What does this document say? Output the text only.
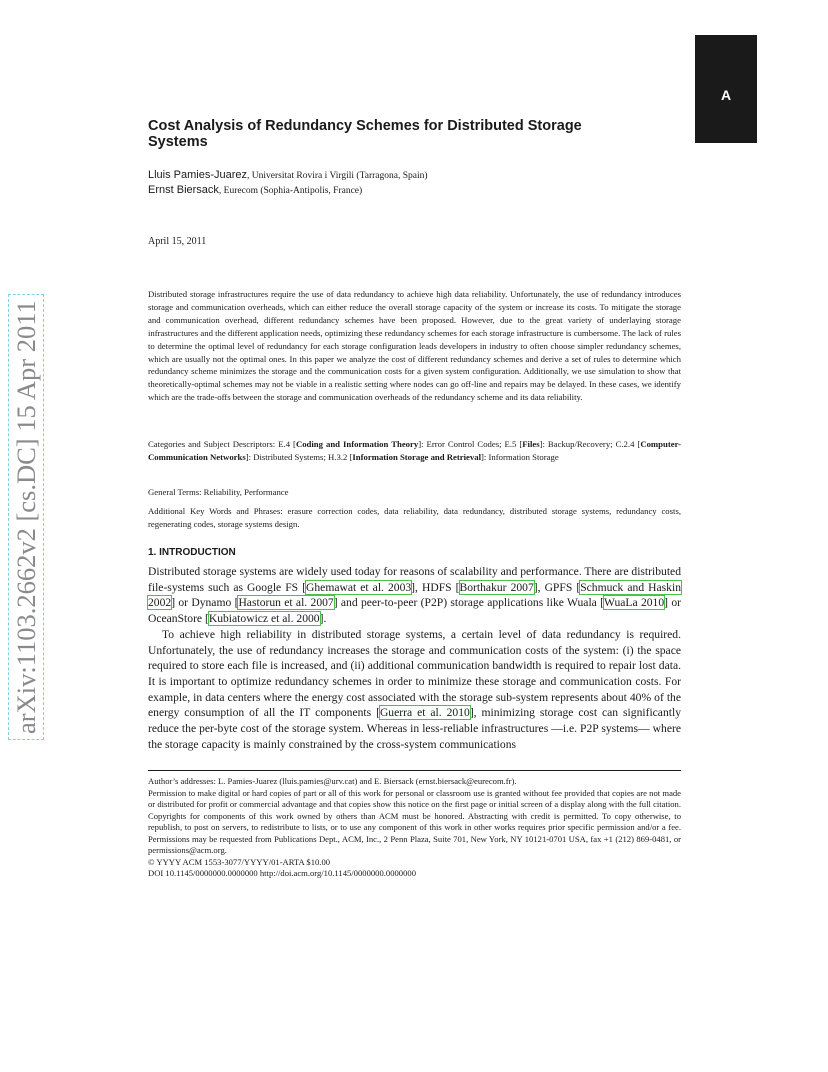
A
arXiv:1103.2662v2 [cs.DC] 15 Apr 2011
Cost Analysis of Redundancy Schemes for Distributed Storage
Systems
Lluis Pamies-Juarez, Universitat Rovira i Virgili (Tarragona, Spain)
Ernst Biersack, Eurecom (Sophia-Antipolis, France)
April 15, 2011
Distributed storage infrastructures require the use of data redundancy to achieve high data reliability. Unfortunately, the use of redundancy introduces storage and communication overheads, which can either reduce the overall storage capacity of the system or increase its costs. To mitigate the storage and communication overhead, different redundancy schemes have been proposed. However, due to the great variety of underlaying storage infrastructures and the different application needs, optimizing these redundancy schemes for each storage infrastructure is cumbersome. The lack of rules to determine the optimal level of redundancy for each storage configuration leads developers in industry to often choose simpler redundancy schemes, which are usually not the optimal ones. In this paper we analyze the cost of different redundancy schemes and derive a set of rules to determine which redundancy scheme minimizes the storage and the communication costs for a given system configuration. Additionally, we use simulation to show that theoretically-optimal schemes may not be viable in a realistic setting where nodes can go off-line and repairs may be delayed. In these cases, we identify which are the trade-offs between the storage and communication overheads of the redundancy scheme and its data reliability.
Categories and Subject Descriptors: E.4 [Coding and Information Theory]: Error Control Codes; E.5 [Files]: Backup/Recovery; C.2.4 [Computer-Communication Networks]: Distributed Systems; H.3.2 [Information Storage and Retrieval]: Information Storage
General Terms: Reliability, Performance
Additional Key Words and Phrases: erasure correction codes, data reliability, data redundancy, distributed storage systems, redundancy costs, regenerating codes, storage systems design.
1. INTRODUCTION

Distributed storage systems are widely used today for reasons of scalability and performance. There are distributed file-systems such as Google FS [Ghemawat et al. 2003], HDFS [Borthakur 2007], GPFS [Schmuck and Haskin 2002] or Dynamo [Hastorun et al. 2007] and peer-to-peer (P2P) storage applications like Wuala [WuaLa 2010] or OceanStore [Kubiatowicz et al. 2000].

To achieve high reliability in distributed storage systems, a certain level of data redundancy is required. Unfortunately, the use of redundancy increases the storage and communication costs of the system: (i) the space required to store each file is increased, and (ii) additional communication bandwidth is required to repair lost data. It is important to optimize redundancy schemes in order to minimize these storage and communication costs. For example, in data centers where the energy cost associated with the storage sub-system represents about 40% of the energy consumption of all the IT components [Guerra et al. 2010], minimizing storage cost can significantly reduce the per-byte cost of the storage system. Whereas in less-reliable infrastructures —i.e. P2P systems— where the storage capacity is mainly constrained by the cross-system communications

Author’s addresses: L. Pamies-Juarez (lluis.pamies@urv.cat) and E. Biersack (ernst.biersack@eurecom.fr).

Permission to make digital or hard copies of part or all of this work for personal or classroom use is granted without fee provided that copies are not made or distributed for profit or commercial advantage and that copies show this notice on the first page or initial screen of a display along with the full citation. Copyrights for components of this work owned by others than ACM must be honored. Abstracting with credit is permitted. To copy otherwise, to republish, to post on servers, to redistribute to lists, or to use any component of this work in other works requires prior specific permission and/or a fee. Permissions may be requested from Publications Dept., ACM, Inc., 2 Penn Plaza, Suite 701, New York, NY 10121-0701 USA, fax +1 (212) 869-0481, or permissions@acm.org.

© YYYY ACM 1553-3077/YYYY/01-ARTA $10.00

DOI 10.1145/0000000.0000000 http://doi.acm.org/10.1145/0000000.0000000
